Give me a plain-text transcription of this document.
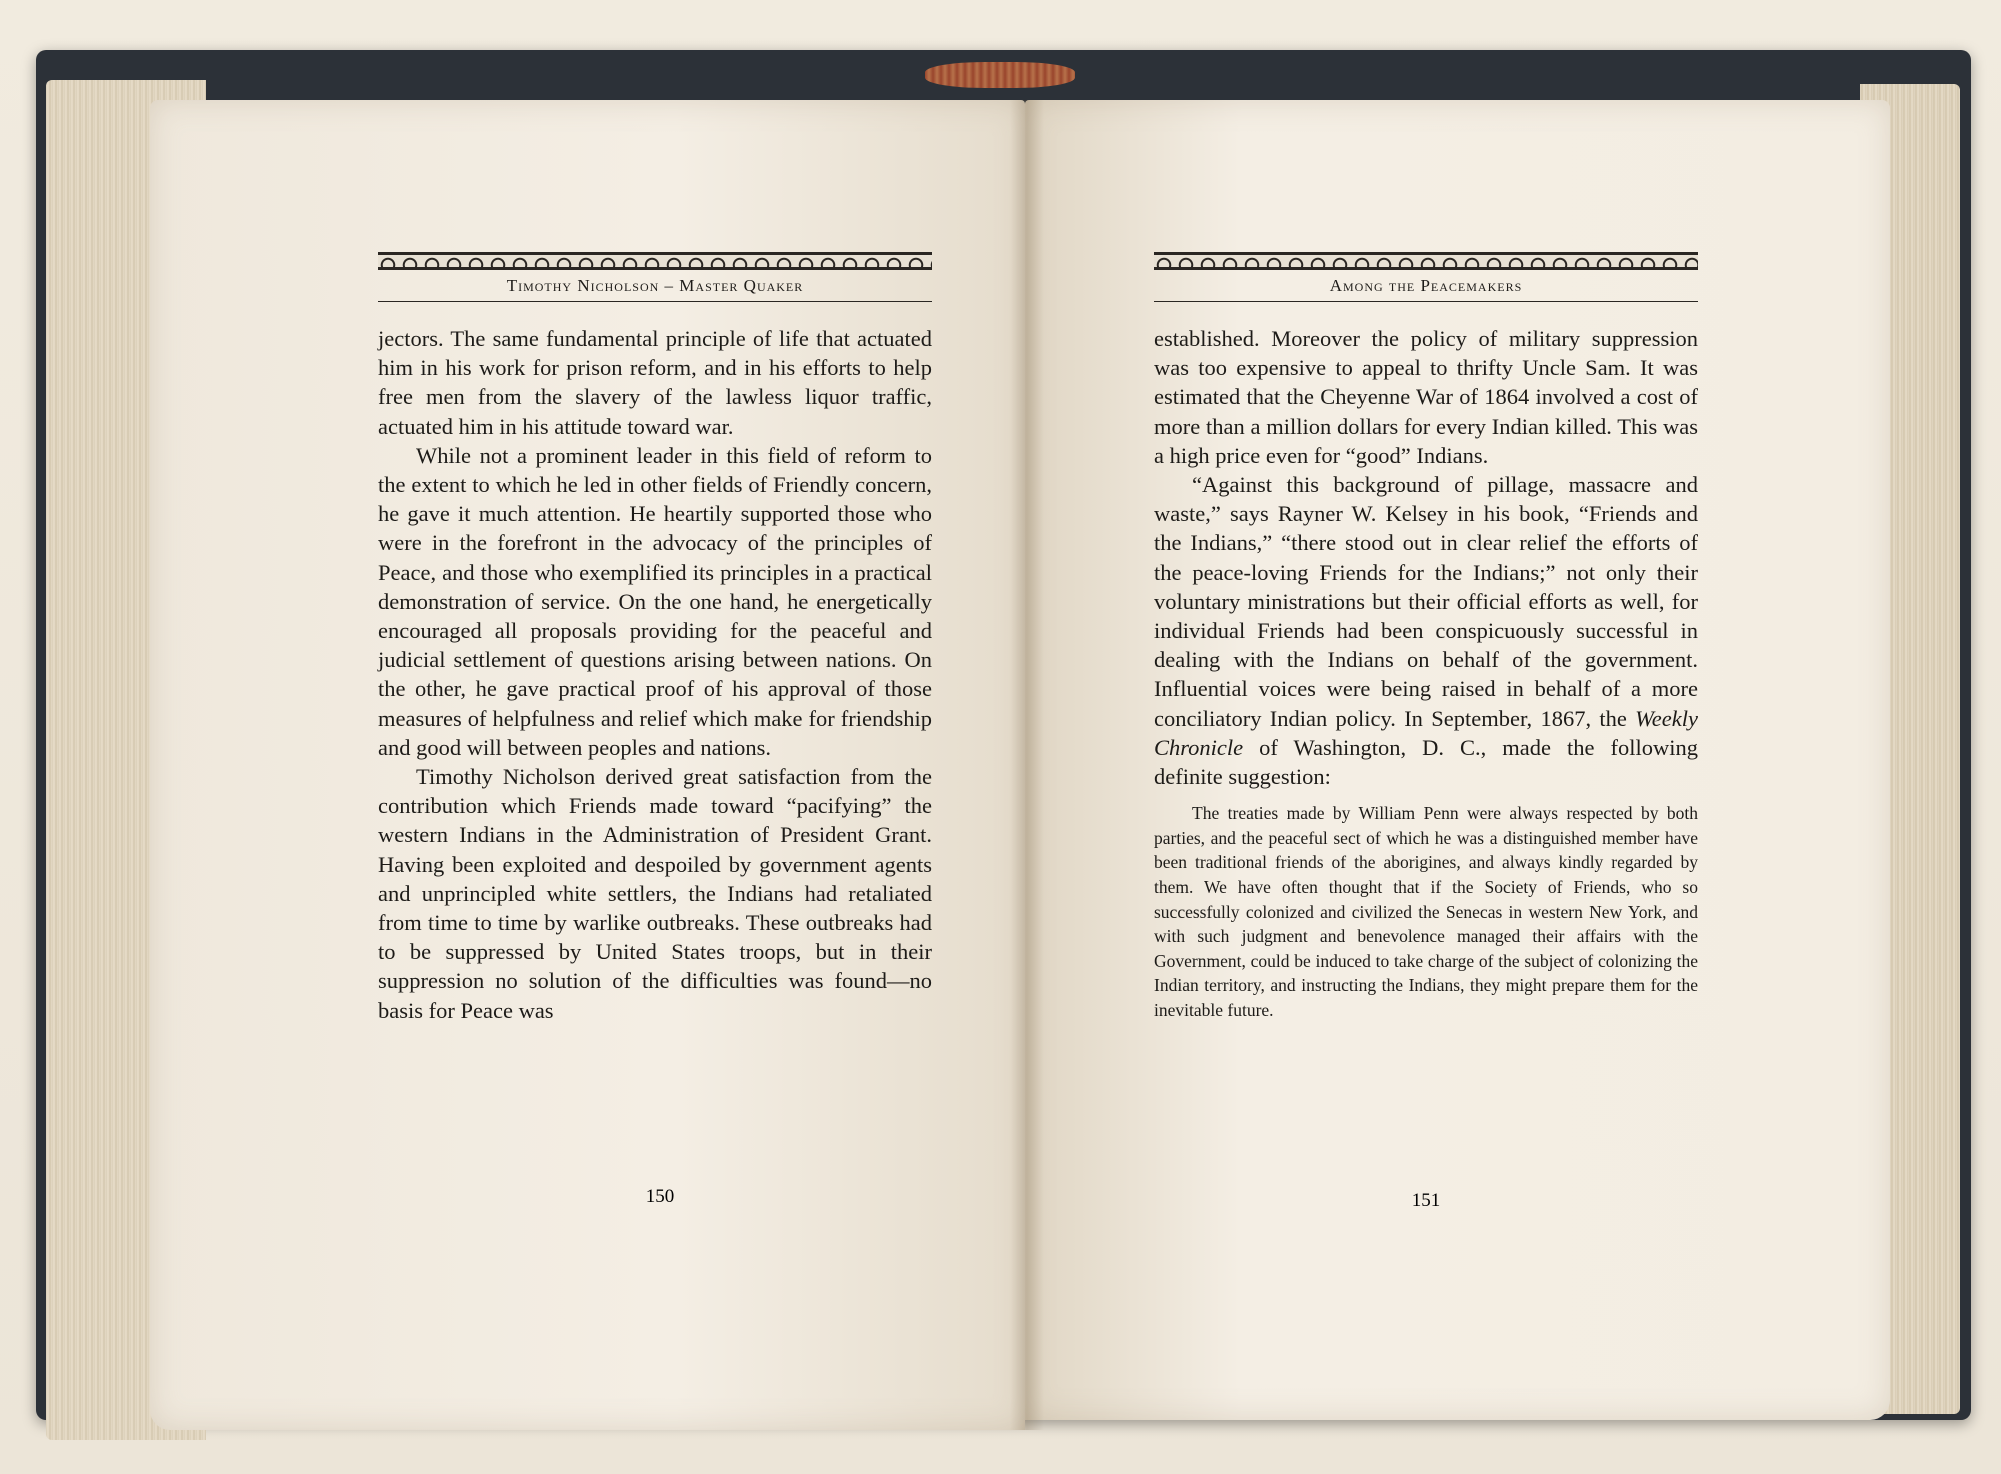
Timothy Nicholson – Master Quaker

jectors. The same fundamental principle of life that actuated him in his work for prison reform, and in his efforts to help free men from the slavery of the lawless liquor traffic, actuated him in his attitude toward war.

While not a prominent leader in this field of reform to the extent to which he led in other fields of Friendly concern, he gave it much attention. He heartily supported those who were in the forefront in the advocacy of the principles of Peace, and those who exemplified its principles in a practical demonstration of service. On the one hand, he energetically encouraged all proposals providing for the peaceful and judicial settlement of questions arising between nations. On the other, he gave practical proof of his approval of those measures of helpfulness and relief which make for friendship and good will between peoples and nations.

Timothy Nicholson derived great satisfaction from the contribution which Friends made toward “pacifying” the western Indians in the Administration of President Grant. Having been exploited and despoiled by government agents and unprincipled white settlers, the Indians had retaliated from time to time by warlike outbreaks. These outbreaks had to be suppressed by United States troops, but in their suppression no solution of the difficulties was found—no basis for Peace was

150
Among the Peacemakers

established. Moreover the policy of military suppression was too expensive to appeal to thrifty Uncle Sam. It was estimated that the Cheyenne War of 1864 involved a cost of more than a million dollars for every Indian killed. This was a high price even for “good” Indians.

“Against this background of pillage, massacre and waste,” says Rayner W. Kelsey in his book, “Friends and the Indians,” “there stood out in clear relief the efforts of the peace-loving Friends for the Indians;” not only their voluntary ministrations but their official efforts as well, for individual Friends had been conspicuously successful in dealing with the Indians on behalf of the government. Influential voices were being raised in behalf of a more conciliatory Indian policy. In September, 1867, the Weekly Chronicle of Washington, D. C., made the following definite suggestion:

The treaties made by William Penn were always respected by both parties, and the peaceful sect of which he was a distinguished member have been traditional friends of the aborigines, and always kindly regarded by them. We have often thought that if the Society of Friends, who so successfully colonized and civilized the Senecas in western New York, and with such judgment and benevolence managed their affairs with the Government, could be induced to take charge of the subject of colonizing the Indian territory, and instructing the Indians, they might prepare them for the inevitable future.

151
